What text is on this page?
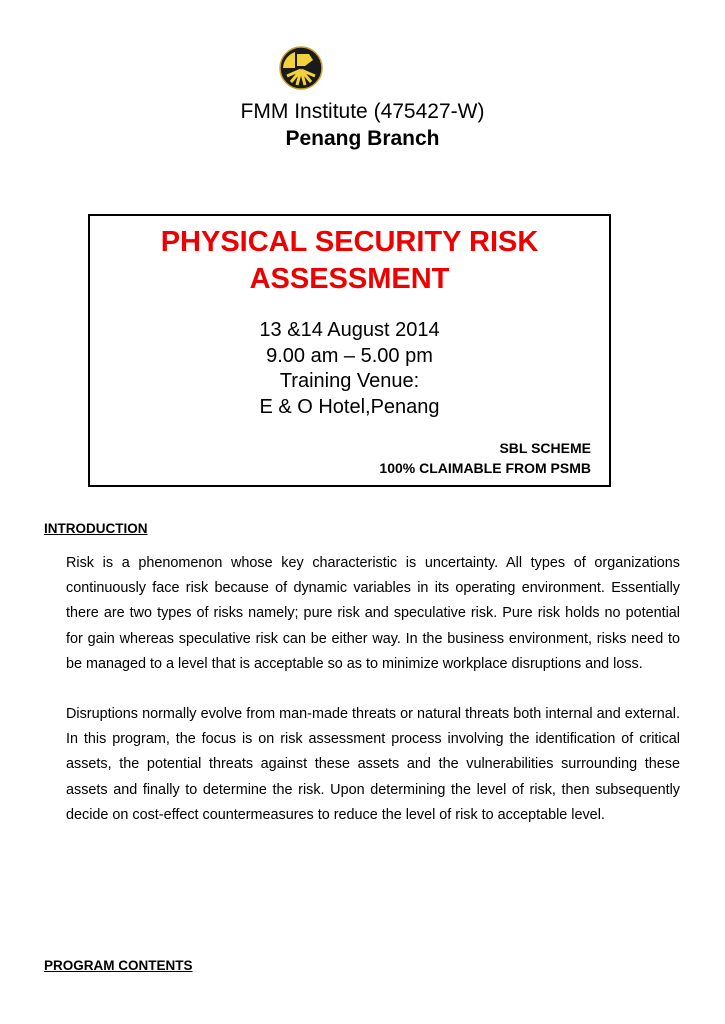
FMM Institute (475427-W)
Penang Branch
PHYSICAL SECURITY RISK
ASSESSMENT
13 &14 August 2014
9.00 am – 5.00 pm
Training Venue:
E & O Hotel,Penang
SBL SCHEME
100% CLAIMABLE FROM PSMB
INTRODUCTION
Risk is a phenomenon whose key characteristic is uncertainty. All types of organizations continuously face risk because of dynamic variables in its operating environment. Essentially there are two types of risks namely; pure risk and speculative risk. Pure risk holds no potential for gain whereas speculative risk can be either way. In the business environment, risks need to be managed to a level that is acceptable so as to minimize workplace disruptions and loss.
Disruptions normally evolve from man-made threats or natural threats both internal and external. In this program, the focus is on risk assessment process involving the identification of critical assets, the potential threats against these assets and the vulnerabilities surrounding these assets and finally to determine the risk. Upon determining the level of risk, then subsequently decide on cost-effect countermeasures to reduce the level of risk to acceptable level.
PROGRAM CONTENTS
